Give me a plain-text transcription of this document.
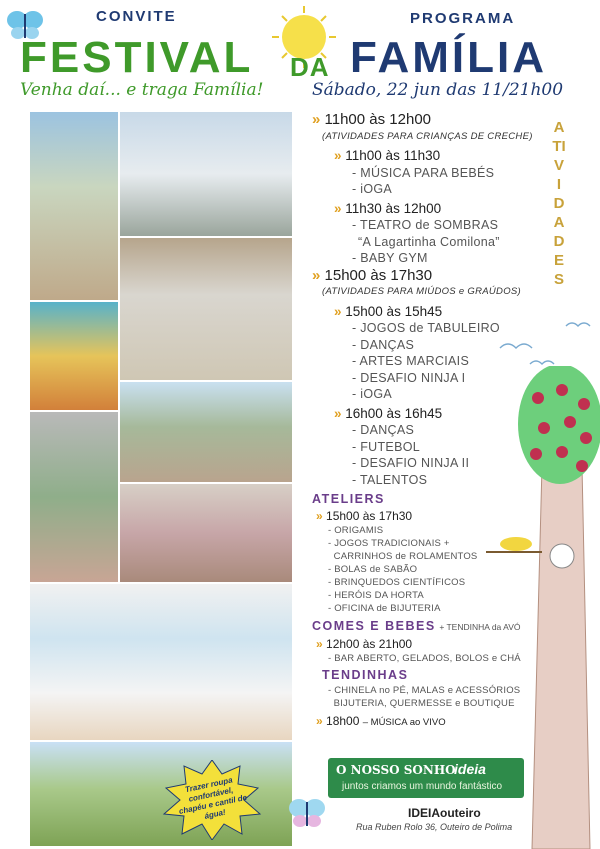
CONVITE	PROGRAMA
FESTIVAL DA FAMÍLIA
Venha daí... e traga Família!	Sábado, 22 jun das 11/21h00
Trazer roupa confortável, chapéu e cantil de água!
ATIVIDADES
» 11h00 às 12h00
(ATIVIDADES PARA CRIANÇAS DE CRECHE)
» 11h00 às 11h30
- MÚSICA PARA BEBÉS
- iOGA
» 11h30 às 12h00
- TEATRO de SOMBRAS
“A Lagartinha Comilona”
- BABY GYM
» 15h00 às 17h30
(ATIVIDADES PARA MIÚDOS e GRAÚDOS)
» 15h00 às 15h45
- JOGOS de TABULEIRO
- DANÇAS
- ARTES MARCIAIS
- DESAFIO NINJA I
- iOGA
» 16h00 às 16h45
- DANÇAS
- FUTEBOL
- DESAFIO NINJA II
- TALENTOS
ATELIERS
» 15h00 às 17h30
- ORIGAMIS
- JOGOS TRADICIONAIS +
CARRINHOS de ROLAMENTOS
- BOLAS de SABÃO
- BRINQUEDOS CIENTÍFICOS
- HERÓIS DA HORTA
- OFICINA de BIJUTERIA
COMES E BEBES + TENDINHA da AVÓ
» 12h00 às 21h00
- BAR ABERTO, GELADOS, BOLOS e CHÁ
TENDINHAS
- CHINELA no PÉ, MALAS e ACESSÓRIOS
BIJUTERIA, QUERMESSE e BOUTIQUE
» 18h00 – MÚSICA ao VIVO
O NOSSO SONHO
ideia
juntos criamos um mundo fantástico
IDEIAouteiro
Rua Ruben Rolo 36, Outeiro de Polima
